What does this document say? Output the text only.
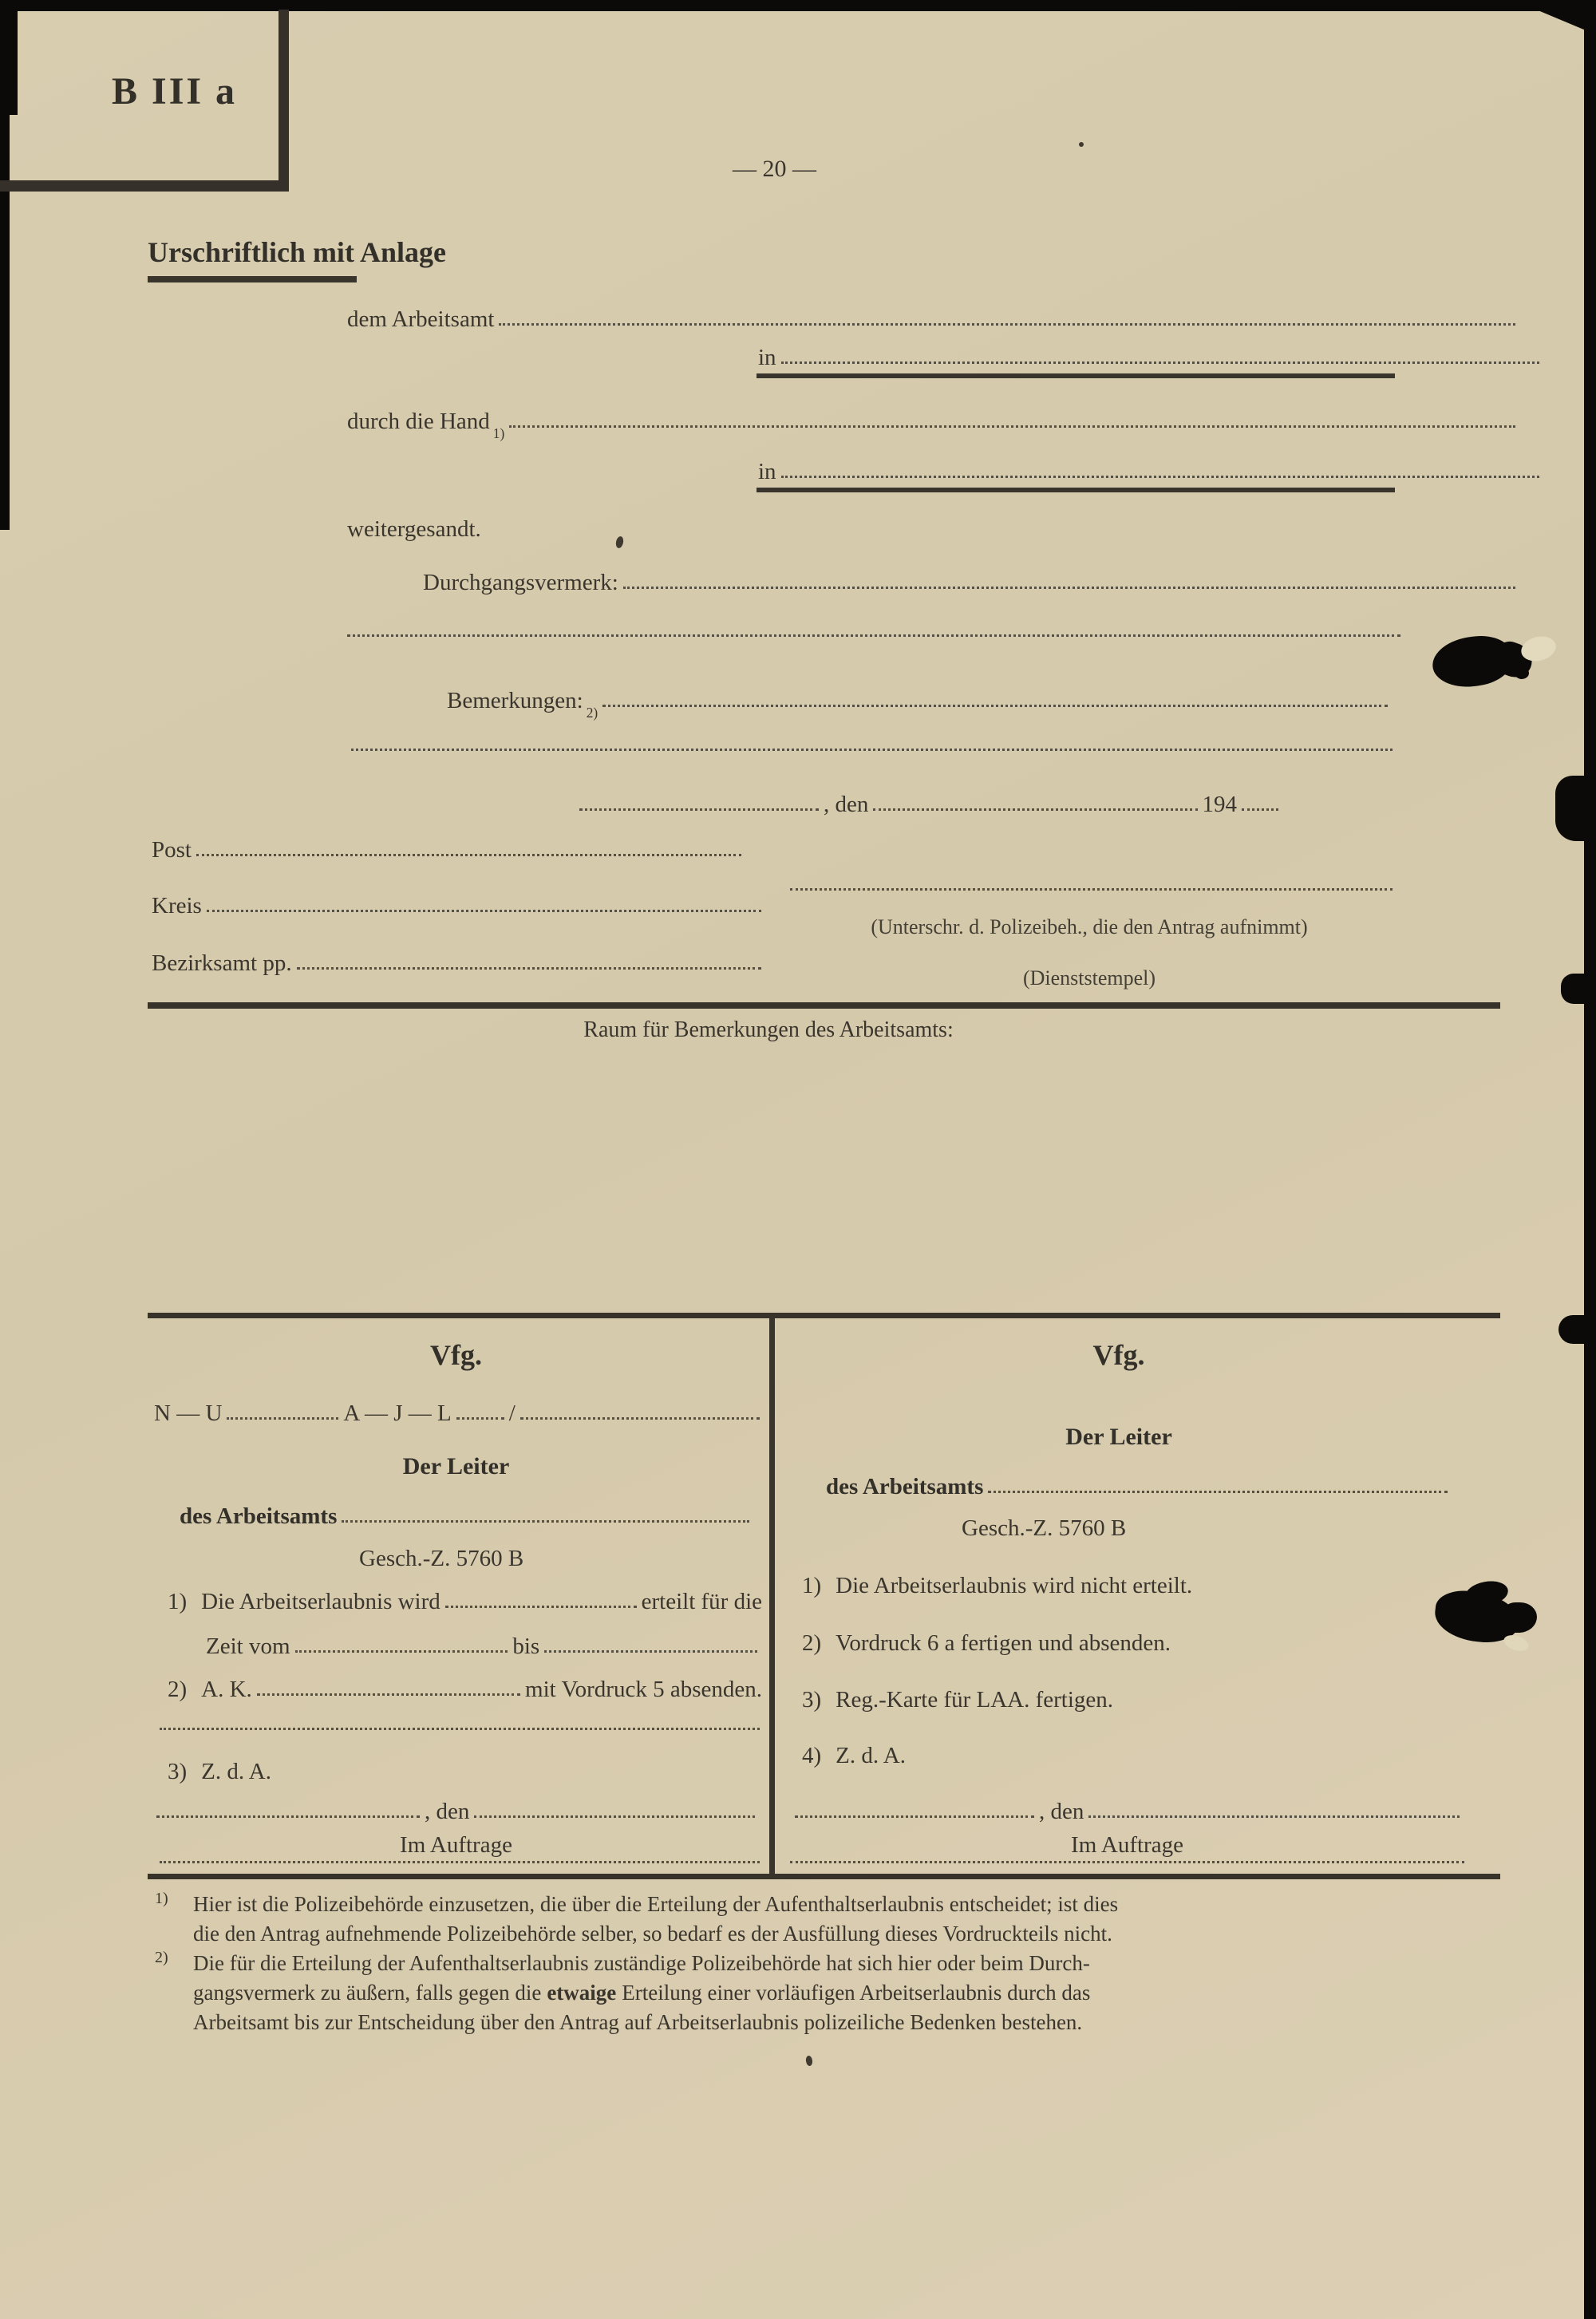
B III a
— 20 —
Urschriftlich mit Anlage
dem Arbeitsamt
in
durch die Hand 1)
in
weitergesandt.
Durchgangsvermerk:
Bemerkungen: 2)
, den	194
Post
Kreis
(Unterschr. d. Polizeibeh., die den Antrag aufnimmt)
Bezirksamt pp.
(Dienststempel)
Raum für Bemerkungen des Arbeitsamts:
Vfg.
N — U	A — J — L /
Der Leiter
des Arbeitsamts
Gesch.-Z. 5760 B
1) Die Arbeitserlaubnis wird	erteilt für die
Zeit vom	bis
2) A. K.	mit Vordruck 5 absenden.
3) Z. d. A.
, den
Im Auftrage
Vfg.
Der Leiter
des Arbeitsamts
Gesch.-Z. 5760 B
1) Die Arbeitserlaubnis wird nicht erteilt.
2) Vordruck 6 a fertigen und absenden.
3) Reg.-Karte für LAA. fertigen.
4) Z. d. A.
, den
Im Auftrage
1) Hier ist die Polizeibehörde einzusetzen, die über die Erteilung der Aufenthaltserlaubnis entscheidet; ist dies
die den Antrag aufnehmende Polizeibehörde selber, so bedarf es der Ausfüllung dieses Vordruckteils nicht.
2) Die für die Erteilung der Aufenthaltserlaubnis zuständige Polizeibehörde hat sich hier oder beim Durch-
gangsvermerk zu äußern, falls gegen die etwaige Erteilung einer vorläufigen Arbeitserlaubnis durch das
Arbeitsamt bis zur Entscheidung über den Antrag auf Arbeitserlaubnis polizeiliche Bedenken bestehen.
